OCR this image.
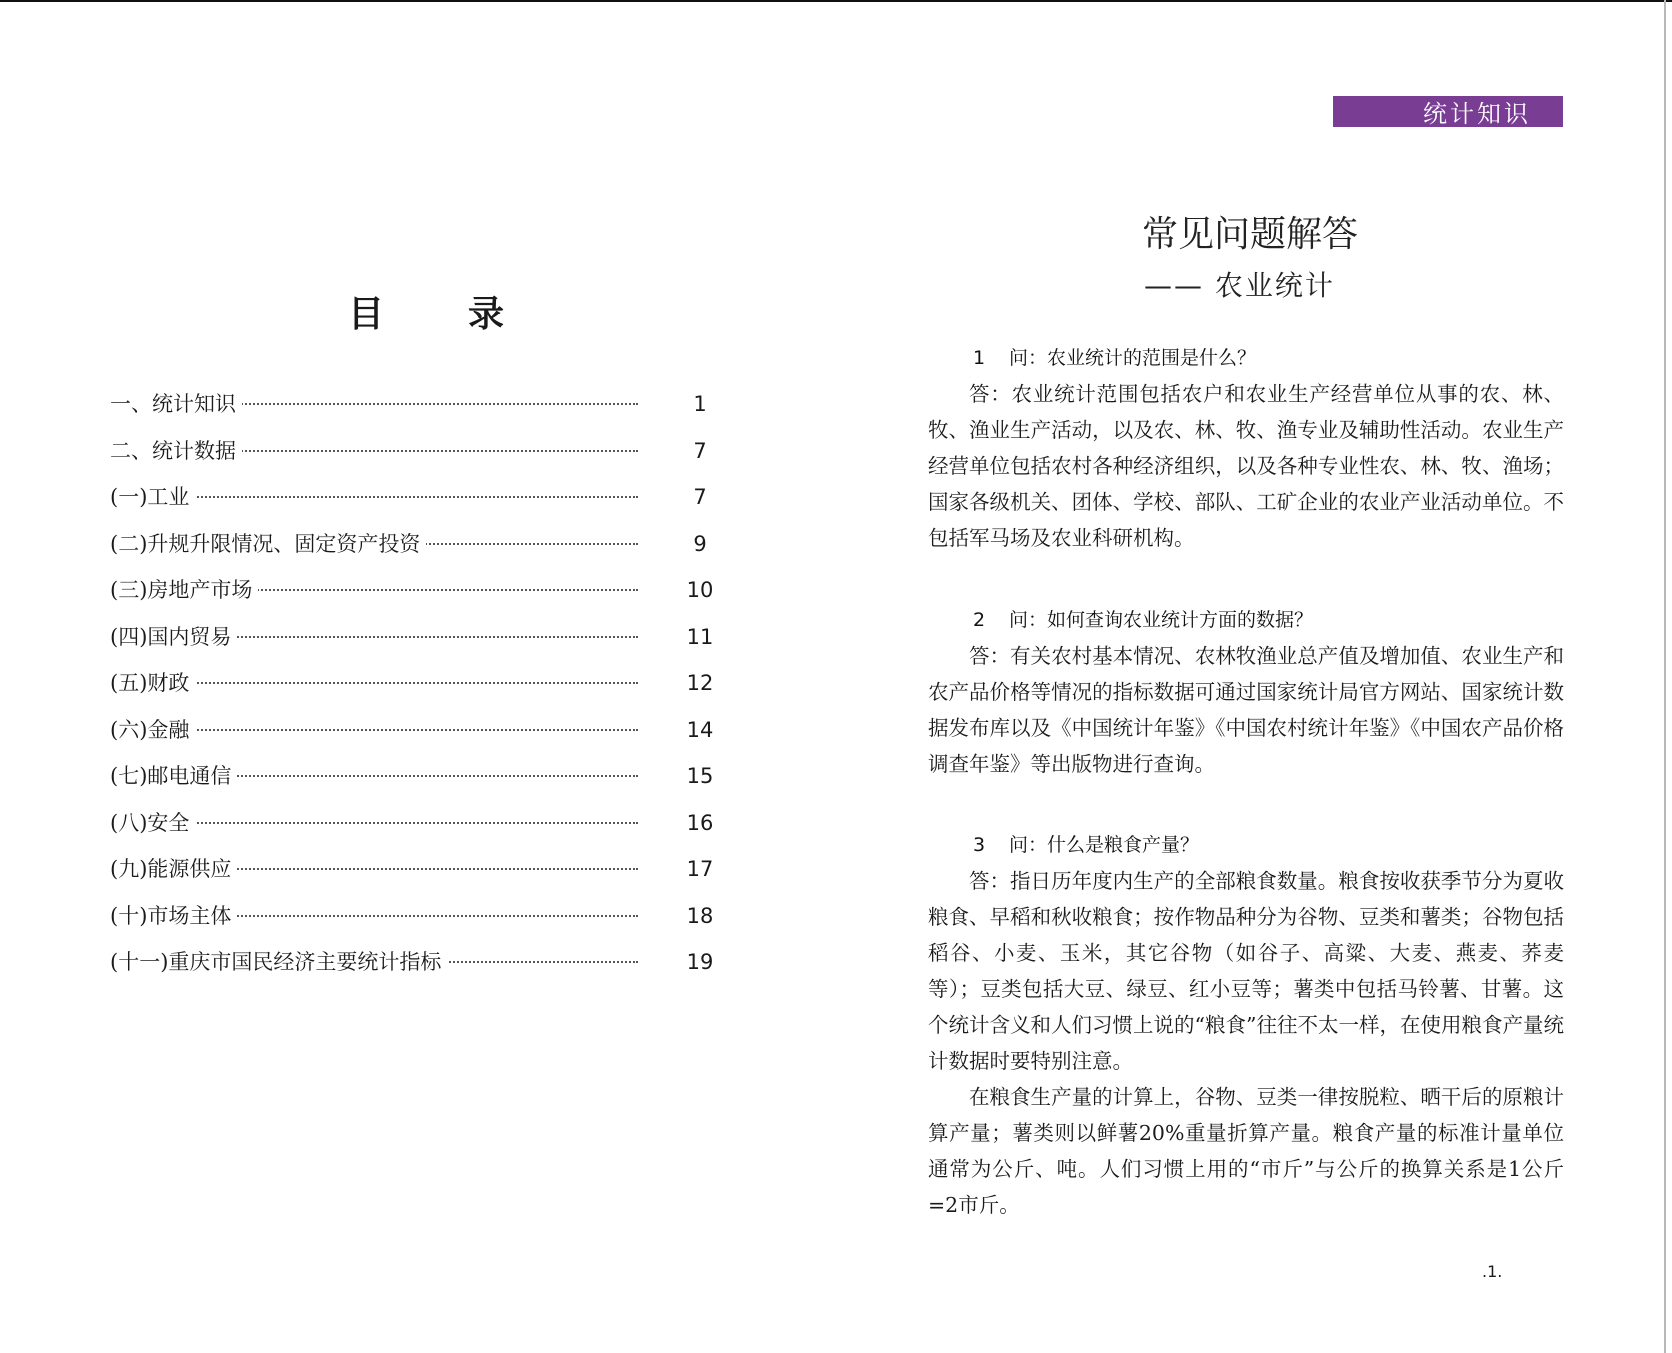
目 录
一、统计知识	1
二、统计数据	7
(一)工业	7
(二)升规升限情况、固定资产投资	9
(三)房地产市场	10
(四)国内贸易	11
(五)财政	12
(六)金融	14
(七)邮电通信	15
(八)安全	16
(九)能源供应	17
(十)市场主体	18
(十一)重庆市国民经济主要统计指标	19
统计知识
常见问题解答
—— 农业统计
1 问：农业统计的范围是什么？

答：农业统计范围包括农户和农业生产经营单位从事的农、林、牧、渔业生产活动，以及农、林、牧、渔专业及辅助性活动。农业生产经营单位包括农村各种经济组织，以及各种专业性农、林、牧、渔场；国家各级机关、团体、学校、部队、工矿企业的农业产业活动单位。不包括军马场及农业科研机构。

2 问：如何查询农业统计方面的数据？

答：有关农村基本情况、农林牧渔业总产值及增加值、农业生产和农产品价格等情况的指标数据可通过国家统计局官方网站、国家统计数据发布库以及《中国统计年鉴》《中国农村统计年鉴》《中国农产品价格调查年鉴》等出版物进行查询。

3 问：什么是粮食产量？

答：指日历年度内生产的全部粮食数量。粮食按收获季节分为夏收粮食、早稻和秋收粮食；按作物品种分为谷物、豆类和薯类；谷物包括稻谷、小麦、玉米，其它谷物（如谷子、高粱、大麦、燕麦、荞麦等）；豆类包括大豆、绿豆、红小豆等；薯类中包括马铃薯、甘薯。这个统计含义和人们习惯上说的“粮食”往往不太一样，在使用粮食产量统计数据时要特别注意。

在粮食生产量的计算上，谷物、豆类一律按脱粒、晒干后的原粮计算产量；薯类则以鲜薯20%重量折算产量。粮食产量的标准计量单位通常为公斤、吨。人们习惯上用的“市斤”与公斤的换算关系是1公斤=2市斤。

.1.
